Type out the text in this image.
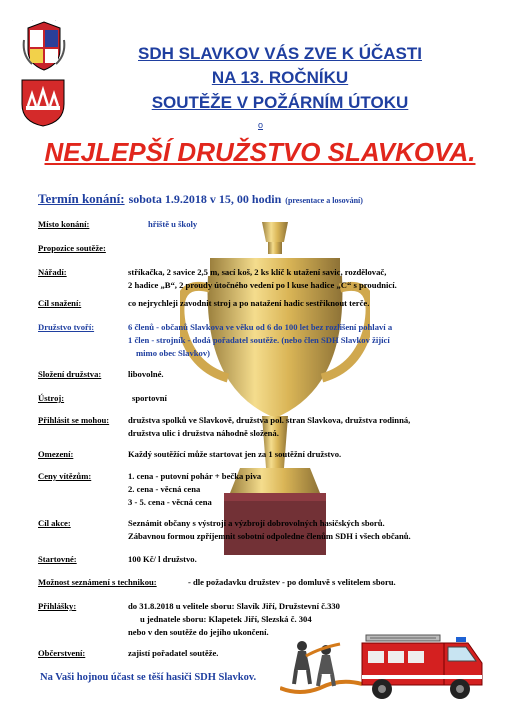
SDH SLAVKOV VÁS ZVE K ÚČASTI
NA 13. ROČNÍKU
SOUTĚŽE V POŽÁRNÍM ÚTOKU
o
NEJLEPŠÍ DRUŽSTVO SLAVKOVA.
Termín konání: sobota 1.9.2018 v 15, 00 hodin (presentace a losování)
Místo konání:	hřiště u školy
Propozice soutěže:
Nářadí:	stříkačka, 2 savice 2,5 m, sací koš, 2 ks klíč k utažení savic, rozdělovač,
2 hadice „B“, 2 proudy útočného vedení po l kuse hadice „C“ s proudnicí.
Cíl snažení:	co nejrychleji zavodnit stroj a po natažení hadic sestřiknout terče.
Družstvo tvoří:	6 členů - občanů Slavkova ve věku od 6 do 100 let bez rozlišení pohlaví a
1 člen - strojník - dodá pořadatel soutěže. (nebo člen SDH Slavkov žijící
mimo obec Slavkov)
Složení družstva:	libovolné.
Ústroj:	sportovní
Přihlásit se mohou: družstva spolků ve Slavkově, družstva pol. stran Slavkova, družstva rodinná,
družstva ulic i družstva náhodně složená.
Omezení:	Každý soutěžící může startovat jen za 1 soutěžní družstvo.
Ceny vítězům:	1. cena - putovní pohár + bečka piva
2. cena - věcná cena
3 - 5. cena - věcná cena
Cíl akce:	Seznámit občany s výstrojí a výzbrojí dobrovolných hasičských sborů.
Zábavnou formou zpříjemnit sobotní odpoledne členům SDH i všech občanů.
Startovné:	100 Kč/ l družstvo.
Možnost seznámení s technikou:	- dle požadavku družstev - po domluvě s velitelem sboru.
Přihlášky:	do 31.8.2018 u velitele sboru: Slavík Jiří, Družstevní č.330
u jednatele sboru: Klapetek Jiří, Slezská č. 304
nebo v den soutěže do jejího ukončení.
Občerstvení:	zajistí pořadatel soutěže.
Na Vaši hojnou účast se těší hasiči SDH Slavkov.
